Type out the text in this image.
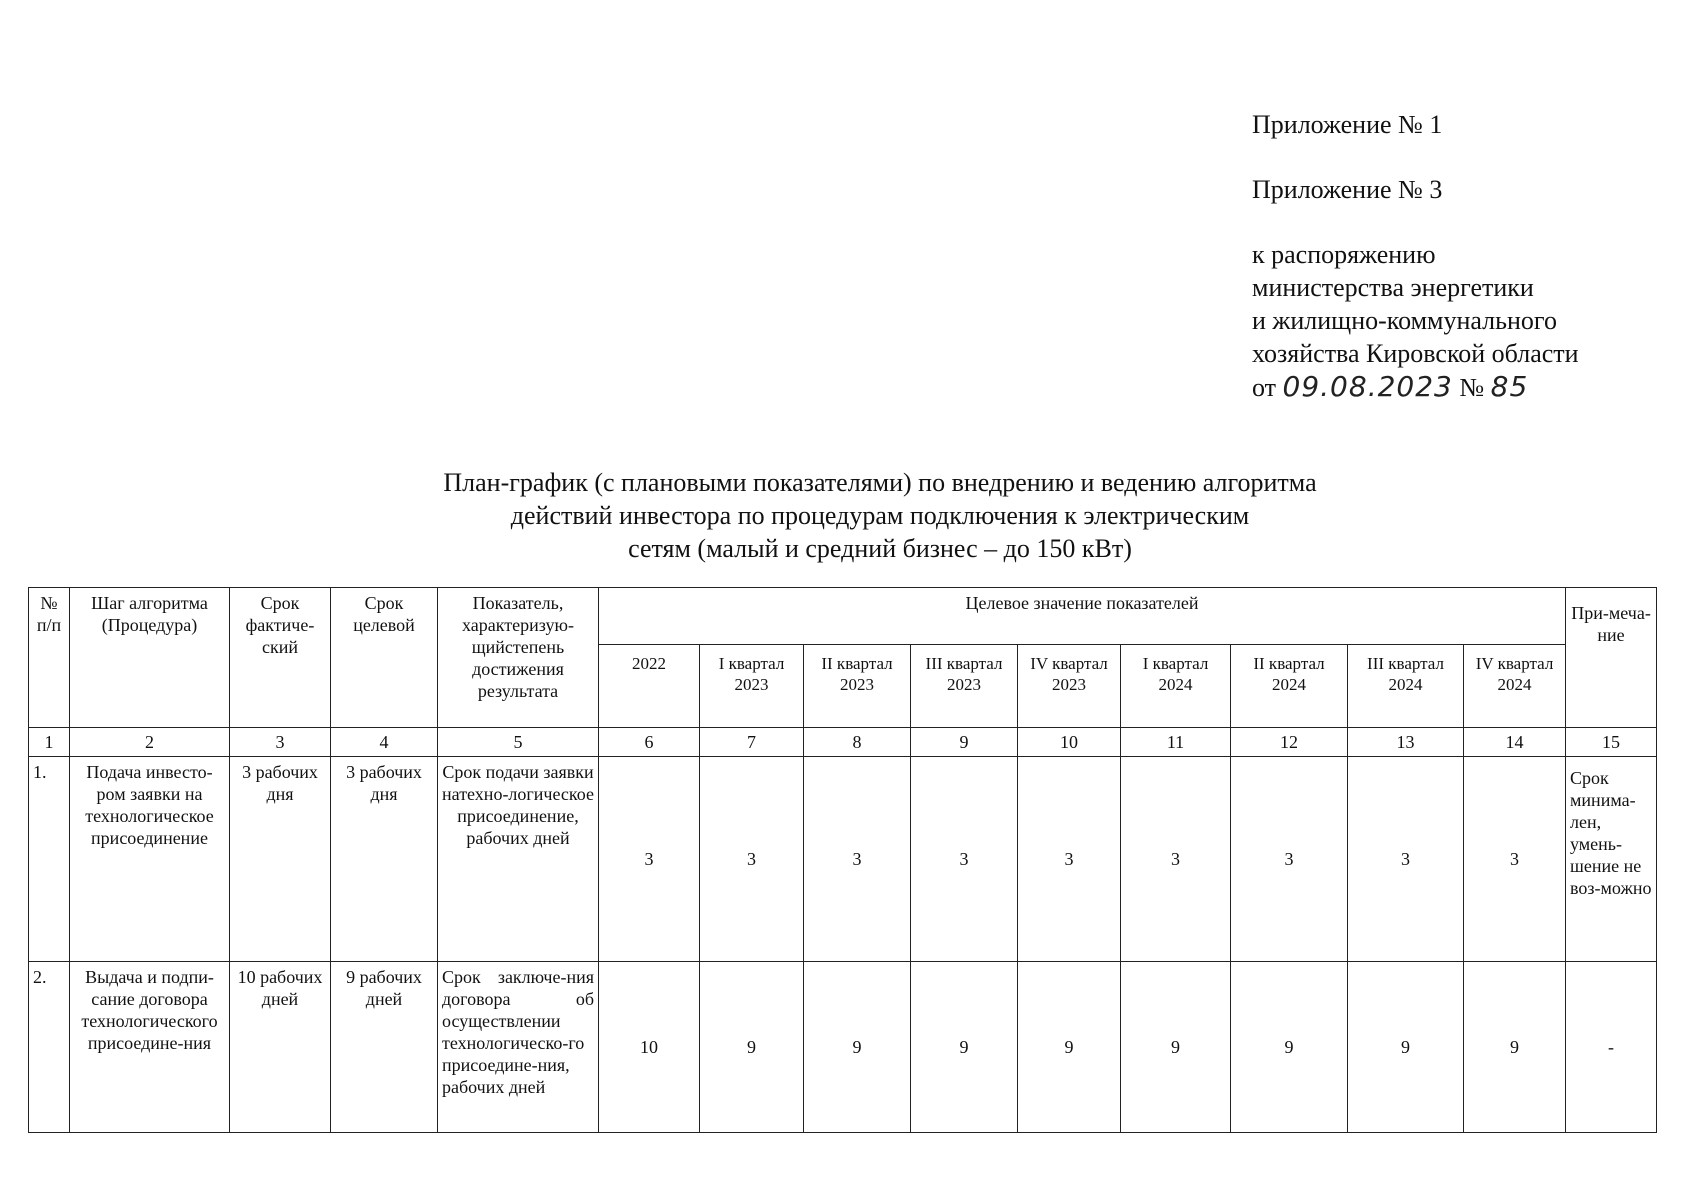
Приложение № 1

Приложение № 3

к распоряжению

министерства энергетики

и жилищно-коммунального

хозяйства Кировской области

от 09.08.2023 № 85

План-график (с плановыми показателями) по внедрению и ведению алгоритма

действий инвестора по процедурам подключения к электрическим

сетям (малый и средний бизнес – до 150 кВт)

№ п/п	Шаг алгоритма (Процедура)	Срок фактиче-ский	Срок целевой	Показатель, характеризую-щийстепень достижения результата	Целевое значение показателей									При-меча-ние
					2022	I квартал 2023	II квартал 2023	III квартал 2023	IV квартал 2023	I квартал 2024	II квартал 2024	III квартал 2024	IV квартал 2024	
1	2	3	4	5	6	7	8	9	10	11	12	13	14	15
1.	Подача инвесто-ром заявки на технологическое присоединение	3 рабочих дня	3 рабочих дня	Срок подачи заявки натехно-логическое присоединение, рабочих дней	3	3	3	3	3	3	3	3	3	Срок минима-лен, умень-шение не воз-можно
2.	Выдача и подпи-сание договора технологического присоедине-ния	10 рабочих дней	9 рабочих дней	Срок заключе-ния договора об осуществлении технологическо-го присоедине-ния, рабочих дней	10	9	9	9	9	9	9	9	9	-
